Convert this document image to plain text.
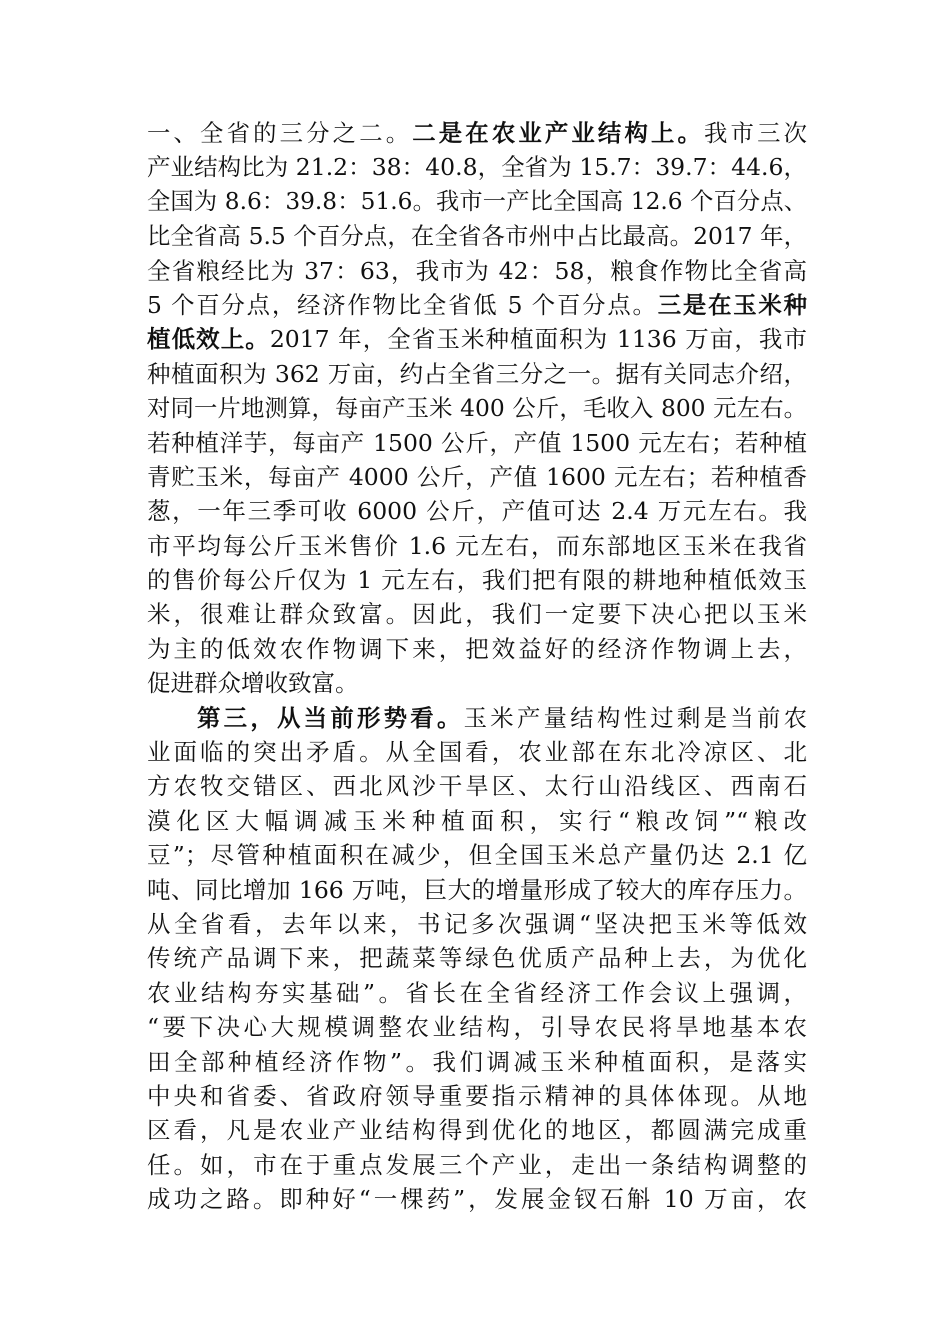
一、全省的三分之二。二是在农业产业结构上。我市三次
产业结构比为 21.2：38：40.8，全省为 15.7：39.7：44.6，
全国为 8.6：39.8：51.6。我市一产比全国高 12.6 个百分点、
比全省高 5.5 个百分点，在全省各市州中占比最高。2017 年，
全省粮经比为 37：63，我市为 42：58，粮食作物比全省高
5 个百分点，经济作物比全省低 5 个百分点。三是在玉米种
植低效上。2017 年，全省玉米种植面积为 1136 万亩，我市
种植面积为 362 万亩，约占全省三分之一。据有关同志介绍，
对同一片地测算，每亩产玉米 400 公斤，毛收入 800 元左右。
若种植洋芋，每亩产 1500 公斤，产值 1500 元左右；若种植
青贮玉米，每亩产 4000 公斤，产值 1600 元左右；若种植香
葱，一年三季可收 6000 公斤，产值可达 2.4 万元左右。我
市平均每公斤玉米售价 1.6 元左右，而东部地区玉米在我省
的售价每公斤仅为 1 元左右，我们把有限的耕地种植低效玉
米，很难让群众致富。因此，我们一定要下决心把以玉米
为主的低效农作物调下来，把效益好的经济作物调上去，
促进群众增收致富。
第三，从当前形势看。玉米产量结构性过剩是当前农
业面临的突出矛盾。从全国看，农业部在东北冷凉区、北
方农牧交错区、西北风沙干旱区、太行山沿线区、西南石
漠化区大幅调减玉米种植面积，实行“粮改饲”“粮改
豆”；尽管种植面积在减少，但全国玉米总产量仍达 2.1 亿
吨、同比增加 166 万吨，巨大的增量形成了较大的库存压力。
从全省看，去年以来，书记多次强调“坚决把玉米等低效
传统产品调下来，把蔬菜等绿色优质产品种上去，为优化
农业结构夯实基础”。省长在全省经济工作会议上强调，
“要下决心大规模调整农业结构，引导农民将旱地基本农
田全部种植经济作物”。我们调减玉米种植面积，是落实
中央和省委、省政府领导重要指示精神的具体体现。从地
区看，凡是农业产业结构得到优化的地区，都圆满完成重
任。如，市在于重点发展三个产业，走出一条结构调整的
成功之路。即种好“一棵药”，发展金钗石斛 10 万亩，农
